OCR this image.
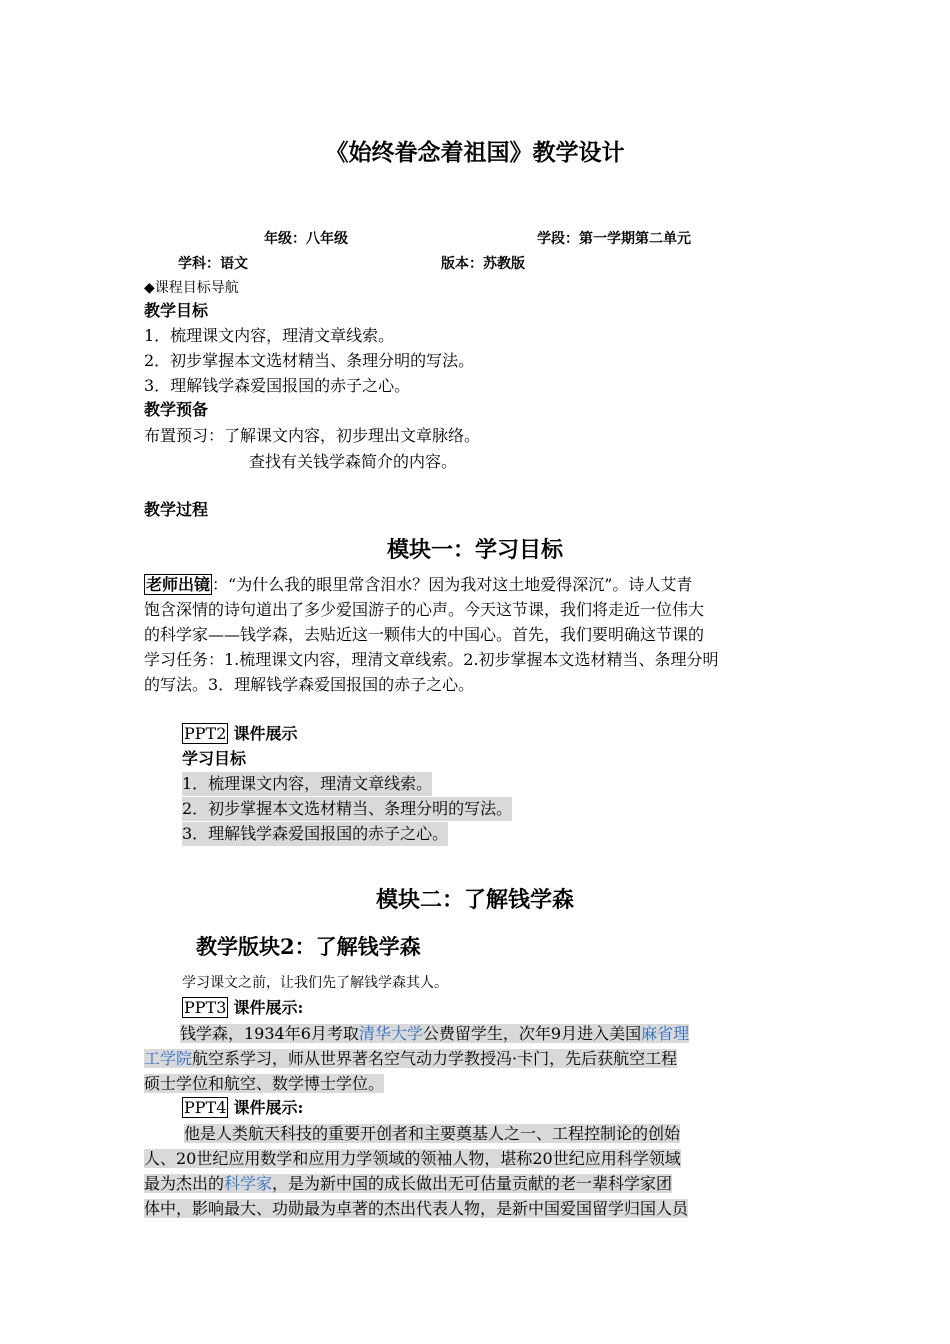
《始终眷念着祖国》教学设计
年级：八年级	学段：第一学期第二单元
学科：语文	版本：苏教版
◆课程目标导航
教学目标
1．梳理课文内容，理清文章线索。
2．初步掌握本文选材精当、条理分明的写法。
3．理解钱学森爱国报国的赤子之心。
教学预备
布置预习：了解课文内容，初步理出文章脉络。
查找有关钱学森简介的内容。
教学过程
模块一：学习目标
老师出镜 ：“为什么我的眼里常含泪水？因为我对这土地爱得深沉”。诗人艾青
饱含深情的诗句道出了多少爱国游子的心声。今天这节课，我们将走近一位伟大
的科学家——钱学森，去贴近这一颗伟大的中国心。首先，我们要明确这节课的
学习任务：1.梳理课文内容，理清文章线索。2.初步掌握本文选材精当、条理分明
的写法。3．理解钱学森爱国报国的赤子之心。
PPT2 课件展示
学习目标
1．梳理课文内容，理清文章线索。
2．初步掌握本文选材精当、条理分明的写法。
3．理解钱学森爱国报国的赤子之心。
模块二：了解钱学森
教学版块2：了解钱学森
学习课文之前，让我们先了解钱学森其人。
PPT3 课件展示:
钱学森，1934年6月考取清华大学公费留学生，次年9月进入美国麻省理
工学院航空系学习，师从世界著名空气动力学教授冯·卡门，先后获航空工程
硕士学位和航空、数学博士学位。
PPT4 课件展示:
他是人类航天科技的重要开创者和主要奠基人之一、工程控制论的创始
人、20世纪应用数学和应用力学领域的领袖人物，堪称20世纪应用科学领域
最为杰出的科学家，是为新中国的成长做出无可估量贡献的老一辈科学家团
体中，影响最大、功勋最为卓著的杰出代表人物，是新中国爱国留学归国人员
